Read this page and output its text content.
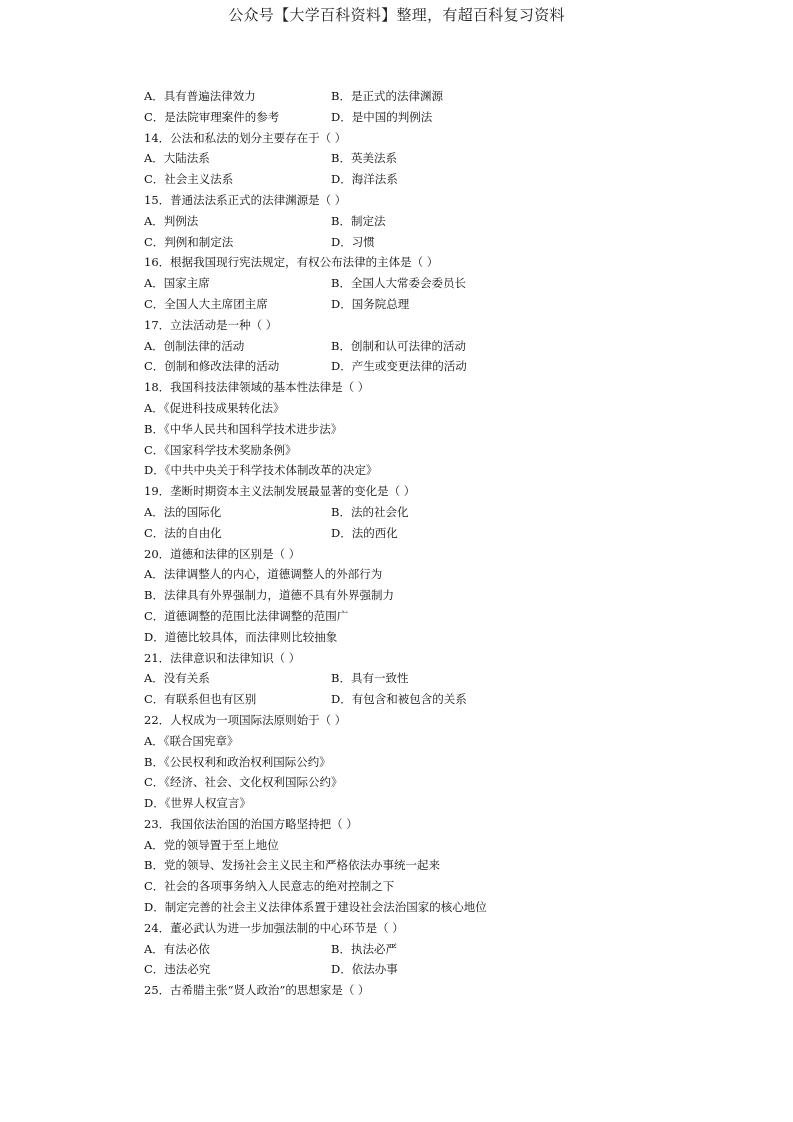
公众号【大学百科资料】整理，有超百科复习资料
A．具有普遍法律效力	B．是正式的法律渊源
C．是法院审理案件的参考	D．是中国的判例法
14．公法和私法的划分主要存在于（ ）
A．大陆法系	B．英美法系
C．社会主义法系	D．海洋法系
15．普通法法系正式的法律渊源是（ ）
A．判例法	B．制定法
C．判例和制定法	D．习惯
16．根据我国现行宪法规定，有权公布法律的主体是（ ）
A．国家主席	B．全国人大常委会委员长
C．全国人大主席团主席	D．国务院总理
17．立法活动是一种（ ）
A．创制法律的活动	B．创制和认可法律的活动
C．创制和修改法律的活动	D．产生或变更法律的活动
18．我国科技法律领域的基本性法律是（ ）
A．《促进科技成果转化法》
B．《中华人民共和国科学技术进步法》
C．《国家科学技术奖励条例》
D．《中共中央关于科学技术体制改革的决定》
19．垄断时期资本主义法制发展最显著的变化是（ ）
A．法的国际化	B．法的社会化
C．法的自由化	D．法的西化
20．道德和法律的区别是（ ）
A．法律调整人的内心，道德调整人的外部行为
B．法律具有外界强制力，道德不具有外界强制力
C．道德调整的范围比法律调整的范围广
D．道德比较具体，而法律则比较抽象
21．法律意识和法律知识（ ）
A．没有关系	B．具有一致性
C．有联系但也有区别	D．有包含和被包含的关系
22．人权成为一项国际法原则始于（ ）
A．《联合国宪章》
B．《公民权利和政治权利国际公约》
C．《经济、社会、文化权利国际公约》
D．《世界人权宣言》
23．我国依法治国的治国方略坚持把（ ）
A．党的领导置于至上地位
B．党的领导、发扬社会主义民主和严格依法办事统一起来
C．社会的各项事务纳入人民意志的绝对控制之下
D．制定完善的社会主义法律体系置于建设社会法治国家的核心地位
24．董必武认为进一步加强法制的中心环节是（ ）
A．有法必依	B．执法必严
C．违法必究	D．依法办事
25．古希腊主张“贤人政治”的思想家是（ ）
